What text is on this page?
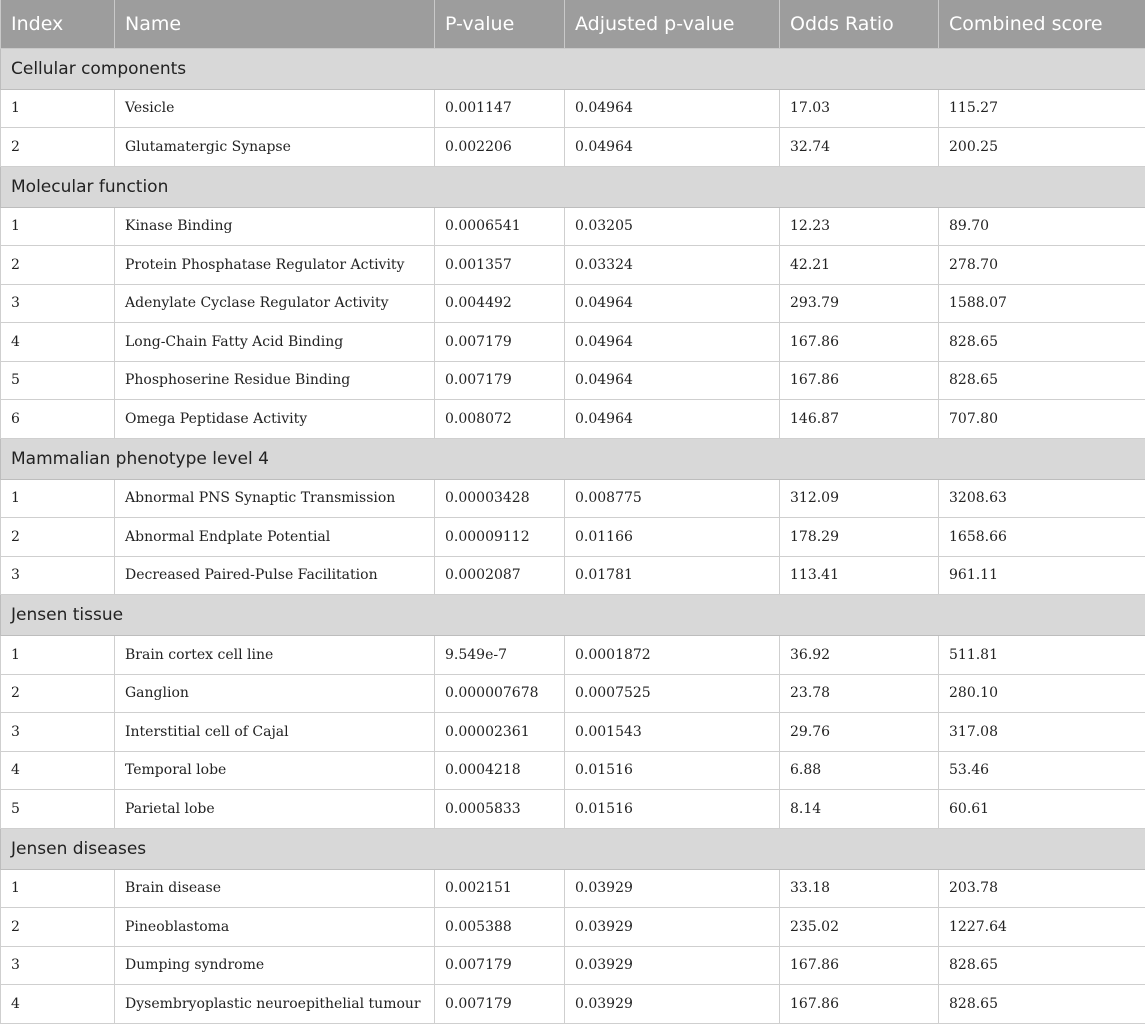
Index	Name	P-value	Adjusted p-value	Odds Ratio	Combined score
Cellular components					
1	Vesicle	0.001147	0.04964	17.03	115.27
2	Glutamatergic Synapse	0.002206	0.04964	32.74	200.25
Molecular function					
1	Kinase Binding	0.0006541	0.03205	12.23	89.70
2	Protein Phosphatase Regulator Activity	0.001357	0.03324	42.21	278.70
3	Adenylate Cyclase Regulator Activity	0.004492	0.04964	293.79	1588.07
4	Long-Chain Fatty Acid Binding	0.007179	0.04964	167.86	828.65
5	Phosphoserine Residue Binding	0.007179	0.04964	167.86	828.65
6	Omega Peptidase Activity	0.008072	0.04964	146.87	707.80
Mammalian phenotype level 4					
1	Abnormal PNS Synaptic Transmission	0.00003428	0.008775	312.09	3208.63
2	Abnormal Endplate Potential	0.00009112	0.01166	178.29	1658.66
3	Decreased Paired-Pulse Facilitation	0.0002087	0.01781	113.41	961.11
Jensen tissue					
1	Brain cortex cell line	9.549e-7	0.0001872	36.92	511.81
2	Ganglion	0.000007678	0.0007525	23.78	280.10
3	Interstitial cell of Cajal	0.00002361	0.001543	29.76	317.08
4	Temporal lobe	0.0004218	0.01516	6.88	53.46
5	Parietal lobe	0.0005833	0.01516	8.14	60.61
Jensen diseases					
1	Brain disease	0.002151	0.03929	33.18	203.78
2	Pineoblastoma	0.005388	0.03929	235.02	1227.64
3	Dumping syndrome	0.007179	0.03929	167.86	828.65
4	Dysembryoplastic neuroepithelial tumour	0.007179	0.03929	167.86	828.65
